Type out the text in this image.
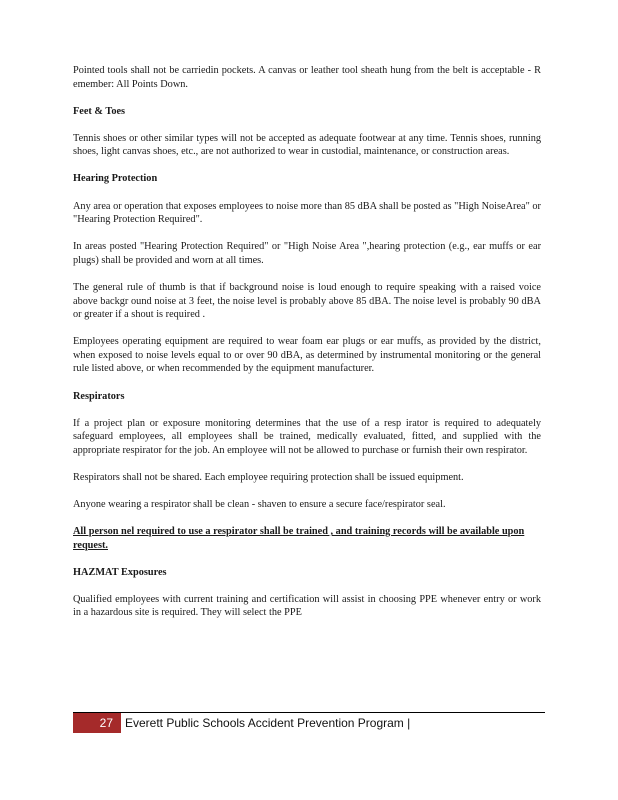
Pointed tools shall not be carriedin pockets. A canvas or leather tool sheath hung from the belt is acceptable - R emember: All Points Down.

Feet & Toes

Tennis shoes or other similar types will not be accepted as adequate footwear at any time. Tennis shoes, running shoes, light canvas shoes, etc., are not authorized to wear in custodial, maintenance, or construction areas.

Hearing Protection

Any area or operation that exposes employees to noise more than 85 dBA shall be posted as "High NoiseArea" or "Hearing Protection Required".

In areas posted "Hearing Protection Required" or "High Noise Area ",hearing protection (e.g., ear muffs or ear plugs) shall be provided and worn at all times.

The general rule of thumb is that if background noise is loud enough to require speaking with a raised voice above backgr ound noise at 3 feet, the noise level is probably above 85 dBA. The noise level is probably 90 dBA or greater if a shout is required .

Employees operating equipment are required to wear foam ear plugs or ear muffs, as provided by the district, when exposed to noise levels equal to or over 90 dBA, as determined by instrumental monitoring or the general rule listed above, or when recommended by the equipment manufacturer.

Respirators

If a project plan or exposure monitoring determines that the use of a resp irator is required to adequately safeguard employees, all employees shall be trained, medically evaluated, fitted, and supplied with the appropriate respirator for the job. An employee will not be allowed to purchase or furnish their own respirator.

Respirators shall not be shared. Each employee requiring protection shall be issued equipment.

Anyone wearing a respirator shall be clean - shaven to ensure a secure face/respirator seal.

All person nel required to use a respirator shall be trained , and training records will be available upon request.

HAZMAT Exposures

Qualified employees with current training and certification will assist in choosing PPE whenever entry or work in a hazardous site is required. They will select the PPE

27	Everett Public Schools Accident Prevention Program |
